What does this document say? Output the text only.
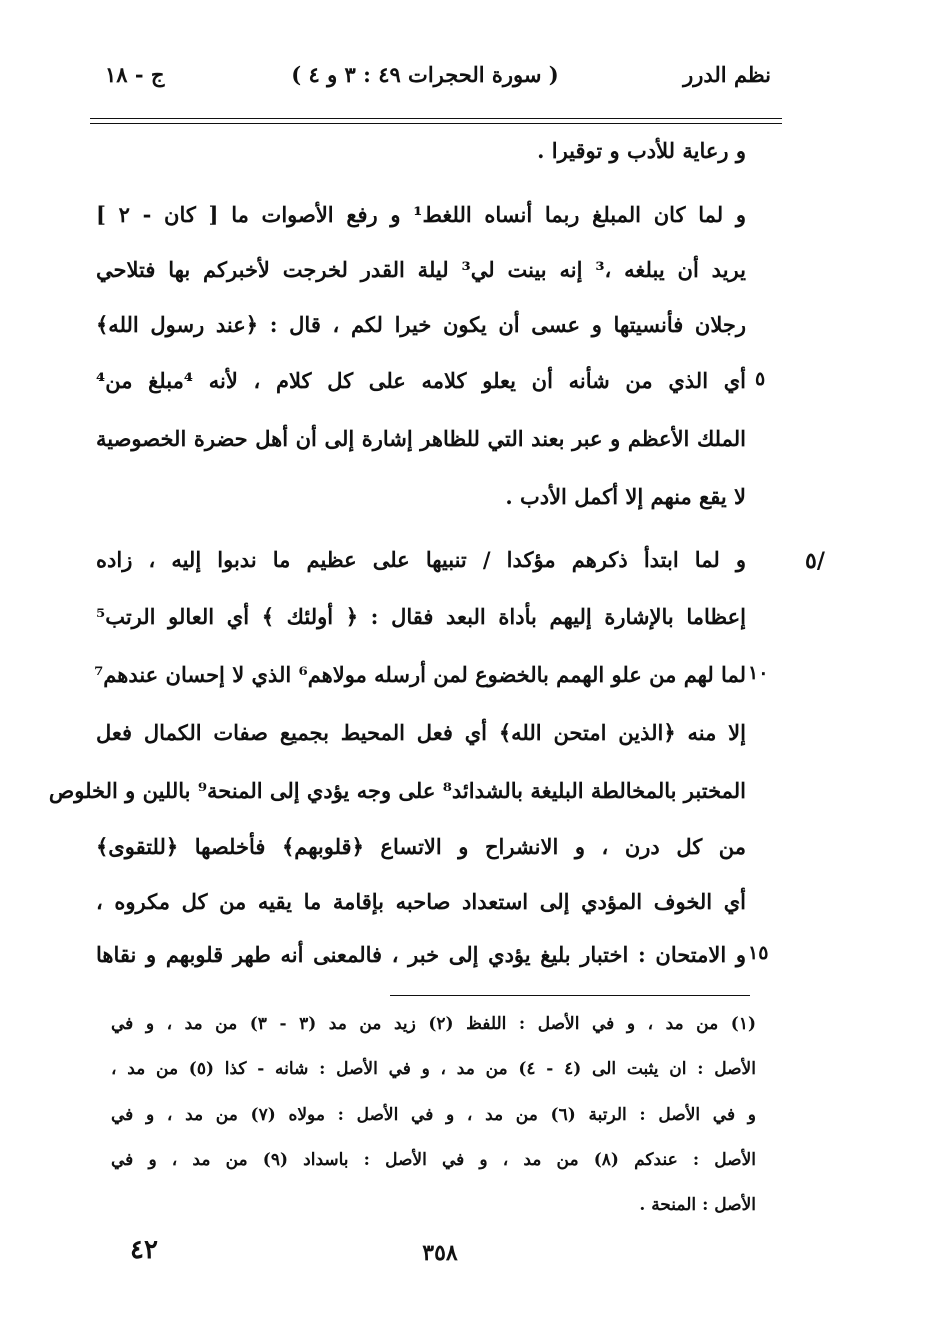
نظم الدرر
( سورة الحجرات ٤٩ : ٣ و ٤ )
ج - ١٨
و رعاية للأدب و توقيرا .
و لما كان المبلغ ربما أنساه اللغط¹ و رفع الأصوات ما [ كان - ٢ ]
يريد أن يبلغه ،³ إنه بينت لي³ ليلة القدر لخرجت لأخبركم بها فتلاحي
رجلان فأنسيتها و عسى أن يكون خيرا لكم ، قال : ﴿عند رسول الله﴾
أي الذي من شأنه أن يعلو كلامه على كل كلام ، لأنه ⁴مبلغ من⁴
الملك الأعظم و عبر بعند التي للظاهر إشارة إلى أن أهل حضرة الخصوصية
لا يقع منهم إلا أكمل الأدب .
و لما ابتدأ ذكرهم مؤكدا / تنبيها على عظيم ما ندبوا إليه ، زاده
إعظاما بالإشارة إليهم بأداة البعد فقال : ﴿ أولئك ﴾ أي العالو الرتب⁵
لما لهم من علو الهمم بالخضوع لمن أرسله مولاهم⁶ الذي لا إحسان عندهم⁷
إلا منه ﴿الذين امتحن الله﴾ أي فعل المحيط بجميع صفات الكمال فعل
المختبر بالمخالطة البليغة بالشدائد⁸ على وجه يؤدي إلى المنحة⁹ باللين و الخلوص
من كل درن ، و الانشراح و الاتساع ﴿قلوبهم﴾ فأخلصها ﴿للتقوى﴾
أي الخوف المؤدي إلى استعداد صاحبه بإقامة ما يقيه من كل مكروه ،
و الامتحان : اختبار بليغ يؤدي إلى خبر ، فالمعنى أنه طهر قلوبهم و نقاها
٥
١٠
١٥
٥/
(١) من مد ، و في الأصل : اللفظ (٢) زيد من مد (٣ - ٣) من مد ، و في
الأصل : ان يثبت الى (٤ - ٤) من مد ، و في الأصل : شانه - كذا (٥) من مد ،
و في الأصل : الرتبة (٦) من مد ، و في الأصل : مولاه (٧) من مد ، و في
الأصل : عندكم (٨) من مد ، و في الأصل : باسداد (٩) من مد ، و في
الأصل : المنحة .
٣٥٨
٤٢
